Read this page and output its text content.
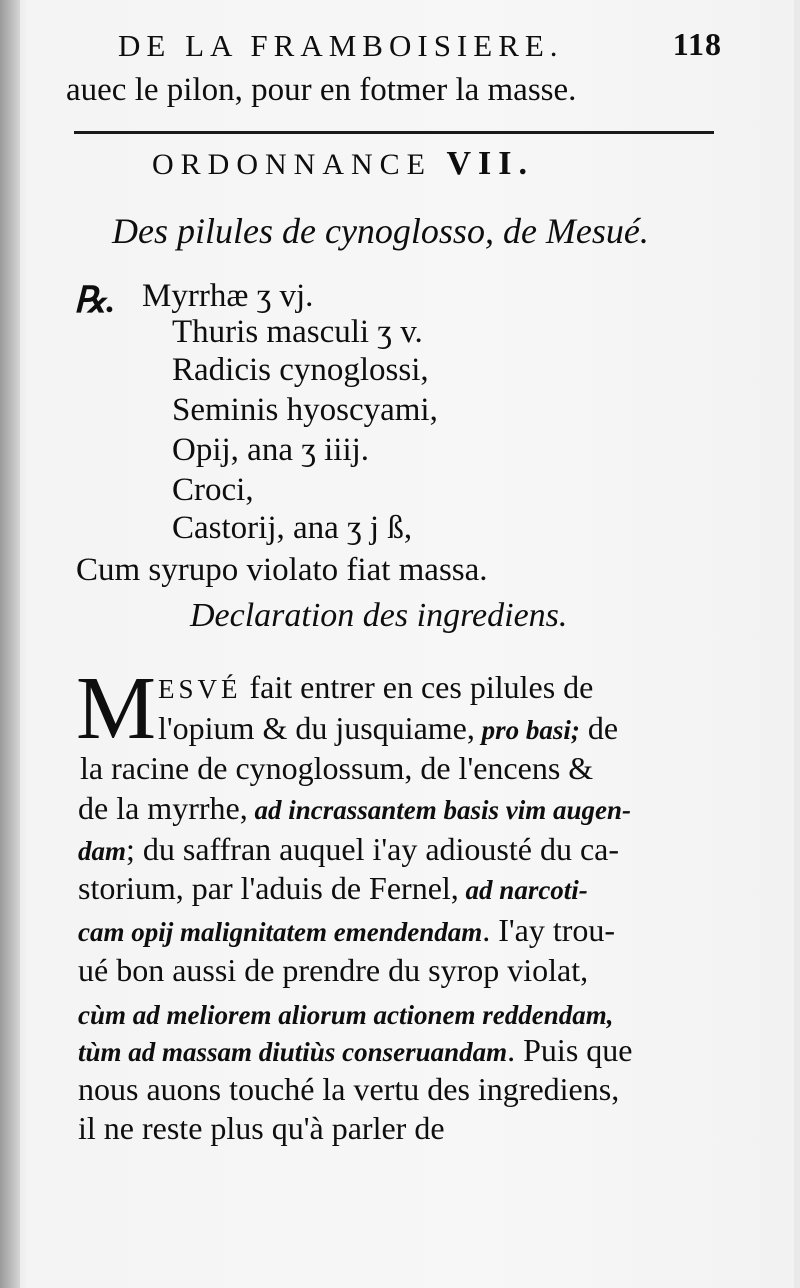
DE LA FRAMBOISIERE.	118
auec le pilon, pour en fotmer la masse.
ORDONNANCE VII.
Des pilules de cynoglosso, de Mesué.
℞. Myrrhæ ʒ vj.
Thuris masculi ʒ v.
Radicis cynoglossi,
Seminis hyoscyami,
Opij, ana ʒ iiij.
Croci,
Castorij, ana ʒ j ß,
Cum syrupo violato fiat massa.
Declaration des ingrediens.
M ESVÉ fait entrer en ces pilules de
l'opium & du jusquiame, pro basi; de
la racine de cynoglossum, de l'encens &
de la myrrhe, ad incrassantem basis vim augen-
dam; du saffran auquel i'ay adiousté du ca-
storium, par l'aduis de Fernel, ad narcoti-
cam opij malignitatem emendendam. I'ay trou-
ué bon aussi de prendre du syrop violat,
cùm ad meliorem aliorum actionem reddendam,
tùm ad massam diutiùs conseruandam. Puis que
nous auons touché la vertu des ingrediens,
il ne reste plus qu'à parler de
